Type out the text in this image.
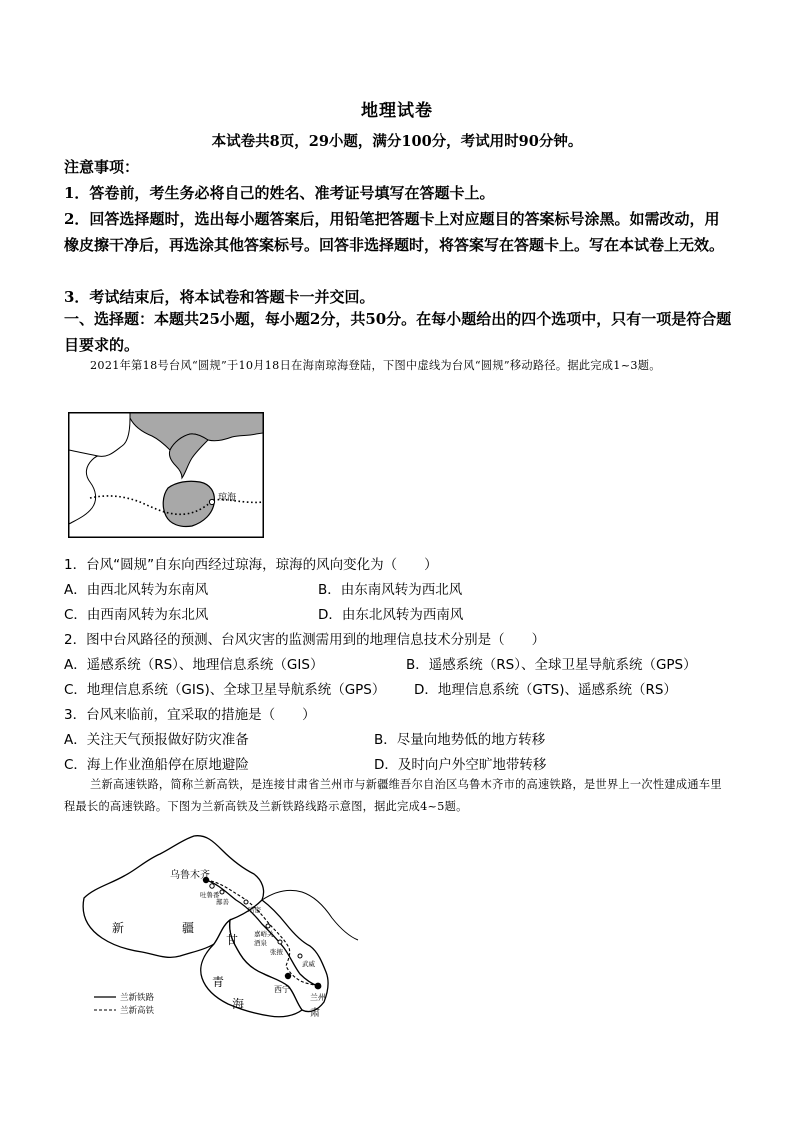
地理试卷
本试卷共8页，29小题，满分100分，考试用时90分钟。
注意事项：
1．答卷前，考生务必将自己的姓名、准考证号填写在答题卡上。
2．回答选择题时，选出每小题答案后，用铅笔把答题卡上对应题目的答案标号涂黑。如需改动，用橡皮擦干净后，再选涂其他答案标号。回答非选择题时，将答案写在答题卡上。写在本试卷上无效。
3．考试结束后，将本试卷和答题卡一并交回。
一、选择题：本题共25小题，每小题2分，共50分。在每小题给出的四个选项中，只有一项是符合题目要求的。
2021年第18号台风“圆规”于10月18日在海南琼海登陆，下图中虚线为台风“圆规”移动路径。据此完成1~3题。
琼海
1．台风“圆规”自东向西经过琼海，琼海的风向变化为（　　）
A．由西北风转为东南风	B．由东南风转为西北风
C．由西南风转为东北风	D．由东北风转为西南风
2．图中台风路径的预测、台风灾害的监测需用到的地理信息技术分别是（　　）
A．遥感系统（RS）、地理信息系统（GIS）	B．遥感系统（RS）、全球卫星导航系统（GPS）
C．地理信息系统（GIS)、全球卫星导航系统（GPS） D．地理信息系统（GTS)、遥感系统（RS）
3．台风来临前，宜采取的措施是（　　）
A．关注天气预报做好防灾准备	B．尽量向地势低的地方转移
C．海上作业渔船停在原地避险	D．及时向户外空旷地带转移
兰新高速铁路，简称兰新高铁，是连接甘肃省兰州市与新疆维吾尔自治区乌鲁木齐市的高速铁路，是世界上一次性建成通车里程最长的高速铁路。下图为兰新高铁及兰新铁路线路示意图，据此完成4~5题。
乌鲁木齐
吐鲁番
鄯善
哈密
嘉峪关
酒泉
张掖
武威
西宁
兰州
新	疆
甘
青
海
肃
兰新铁路
兰新高铁
